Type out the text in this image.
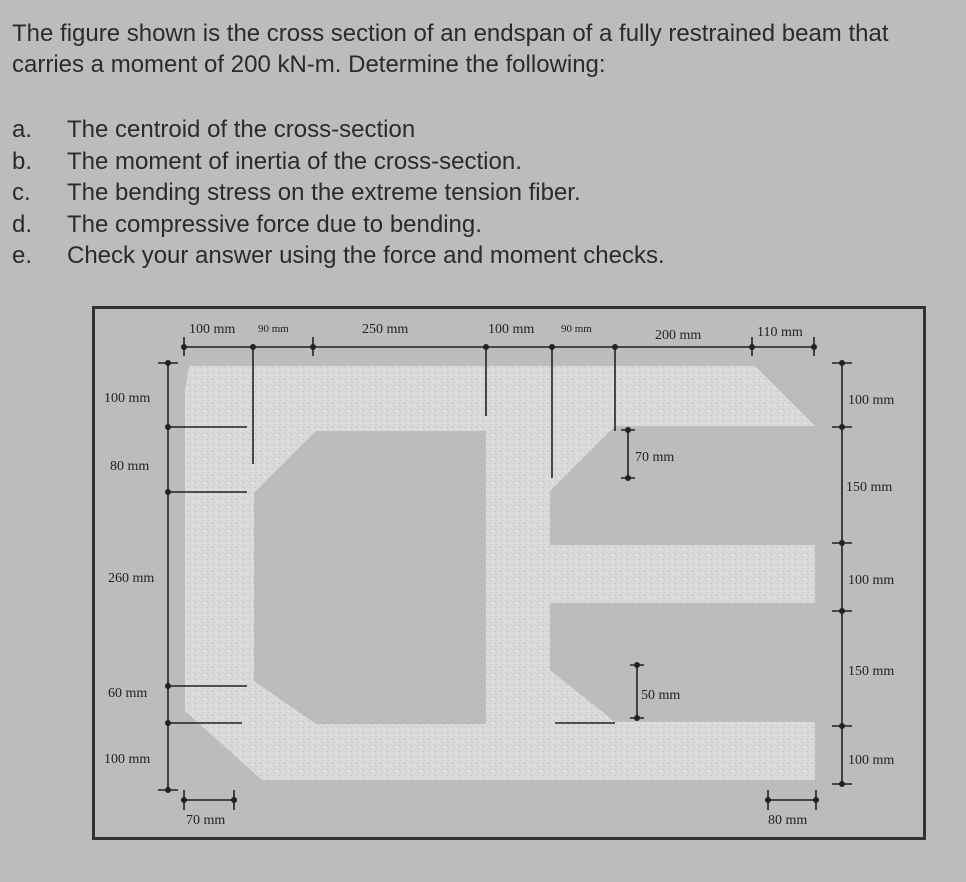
The figure shown is the cross section of an endspan of a fully restrained beam that carries a moment of 200 kN-m. Determine the following:

a.	The centroid of the cross-section
b.	The moment of inertia of the cross-section.
c.	The bending stress on the extreme tension fiber.
d.	The compressive force due to bending.
e.	Check your answer using the force and moment checks.
100 mm 90 mm	250 mm	100 mm 90 mm	200 mm	110 mm
100 mm
80 mm
260 mm
60 mm
100 mm
100 mm
150 mm
100 mm
150 mm
100 mm
70 mm
50 mm
70 mm	80 mm
